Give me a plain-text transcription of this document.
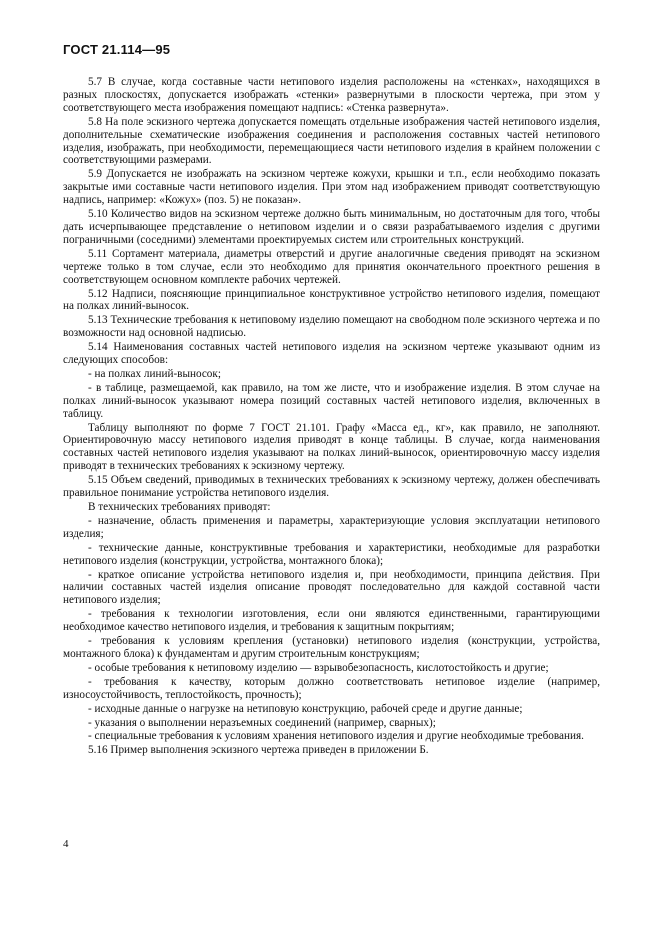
ГОСТ 21.114—95

5.7 В случае, когда составные части нетипового изделия расположены на «стенках», находящихся в разных плоскостях, допускается изображать «стенки» развернутыми в плоскости чертежа, при этом у соответствующего места изображения помещают надпись: «Стенка развернута».

5.8 На поле эскизного чертежа допускается помещать отдельные изображения частей нетипового изделия, дополнительные схематические изображения соединения и расположения составных частей нетипового изделия, изображать, при необходимости, перемещающиеся части нетипового изделия в крайнем положении с соответствующими размерами.

5.9 Допускается не изображать на эскизном чертеже кожухи, крышки и т.п., если необходимо показать закрытые ими составные части нетипового изделия. При этом над изображением приводят соответствующую надпись, например: «Кожух» (поз. 5) не показан».

5.10 Количество видов на эскизном чертеже должно быть минимальным, но достаточным для того, чтобы дать исчерпывающее представление о нетиповом изделии и о связи разрабатываемого изделия с другими пограничными (соседними) элементами проектируемых систем или строительных конструкций.

5.11 Сортамент материала, диаметры отверстий и другие аналогичные сведения приводят на эскизном чертеже только в том случае, если это необходимо для принятия окончательного проектного решения в соответствующем основном комплекте рабочих чертежей.

5.12 Надписи, поясняющие принципиальное конструктивное устройство нетипового изделия, помещают на полках линий-выносок.

5.13 Технические требования к нетиповому изделию помещают на свободном поле эскизного чертежа и по возможности над основной надписью.

5.14 Наименования составных частей нетипового изделия на эскизном чертеже указывают одним из следующих способов:

- на полках линий-выносок;

- в таблице, размещаемой, как правило, на том же листе, что и изображение изделия. В этом случае на полках линий-выносок указывают номера позиций составных частей нетипового изделия, включенных в таблицу.

Таблицу выполняют по форме 7 ГОСТ 21.101. Графу «Масса ед., кг», как правило, не заполняют. Ориентировочную массу нетипового изделия приводят в конце таблицы. В случае, когда наименования составных частей нетипового изделия указывают на полках линий-выносок, ориентировочную массу изделия приводят в технических требованиях к эскизному чертежу.

5.15 Объем сведений, приводимых в технических требованиях к эскизному чертежу, должен обеспечивать правильное понимание устройства нетипового изделия.

В технических требованиях приводят:

- назначение, область применения и параметры, характеризующие условия эксплуатации нетипового изделия;

- технические данные, конструктивные требования и характеристики, необходимые для разработки нетипового изделия (конструкции, устройства, монтажного блока);

- краткое описание устройства нетипового изделия и, при необходимости, принципа действия. При наличии составных частей изделия описание проводят последовательно для каждой составной части нетипового изделия;

- требования к технологии изготовления, если они являются единственными, гарантирующими необходимое качество нетипового изделия, и требования к защитным покрытиям;

- требования к условиям крепления (установки) нетипового изделия (конструкции, устройства, монтажного блока) к фундаментам и другим строительным конструкциям;

- особые требования к нетиповому изделию — взрывобезопасность, кислотостойкость и другие;

- требования к качеству, которым должно соответствовать нетиповое изделие (например, износоустойчивость, теплостойкость, прочность);

- исходные данные о нагрузке на нетиповую конструкцию, рабочей среде и другие данные;

- указания о выполнении неразъемных соединений (например, сварных);

- специальные требования к условиям хранения нетипового изделия и другие необходимые требования.

5.16 Пример выполнения эскизного чертежа приведен в приложении Б.

4
